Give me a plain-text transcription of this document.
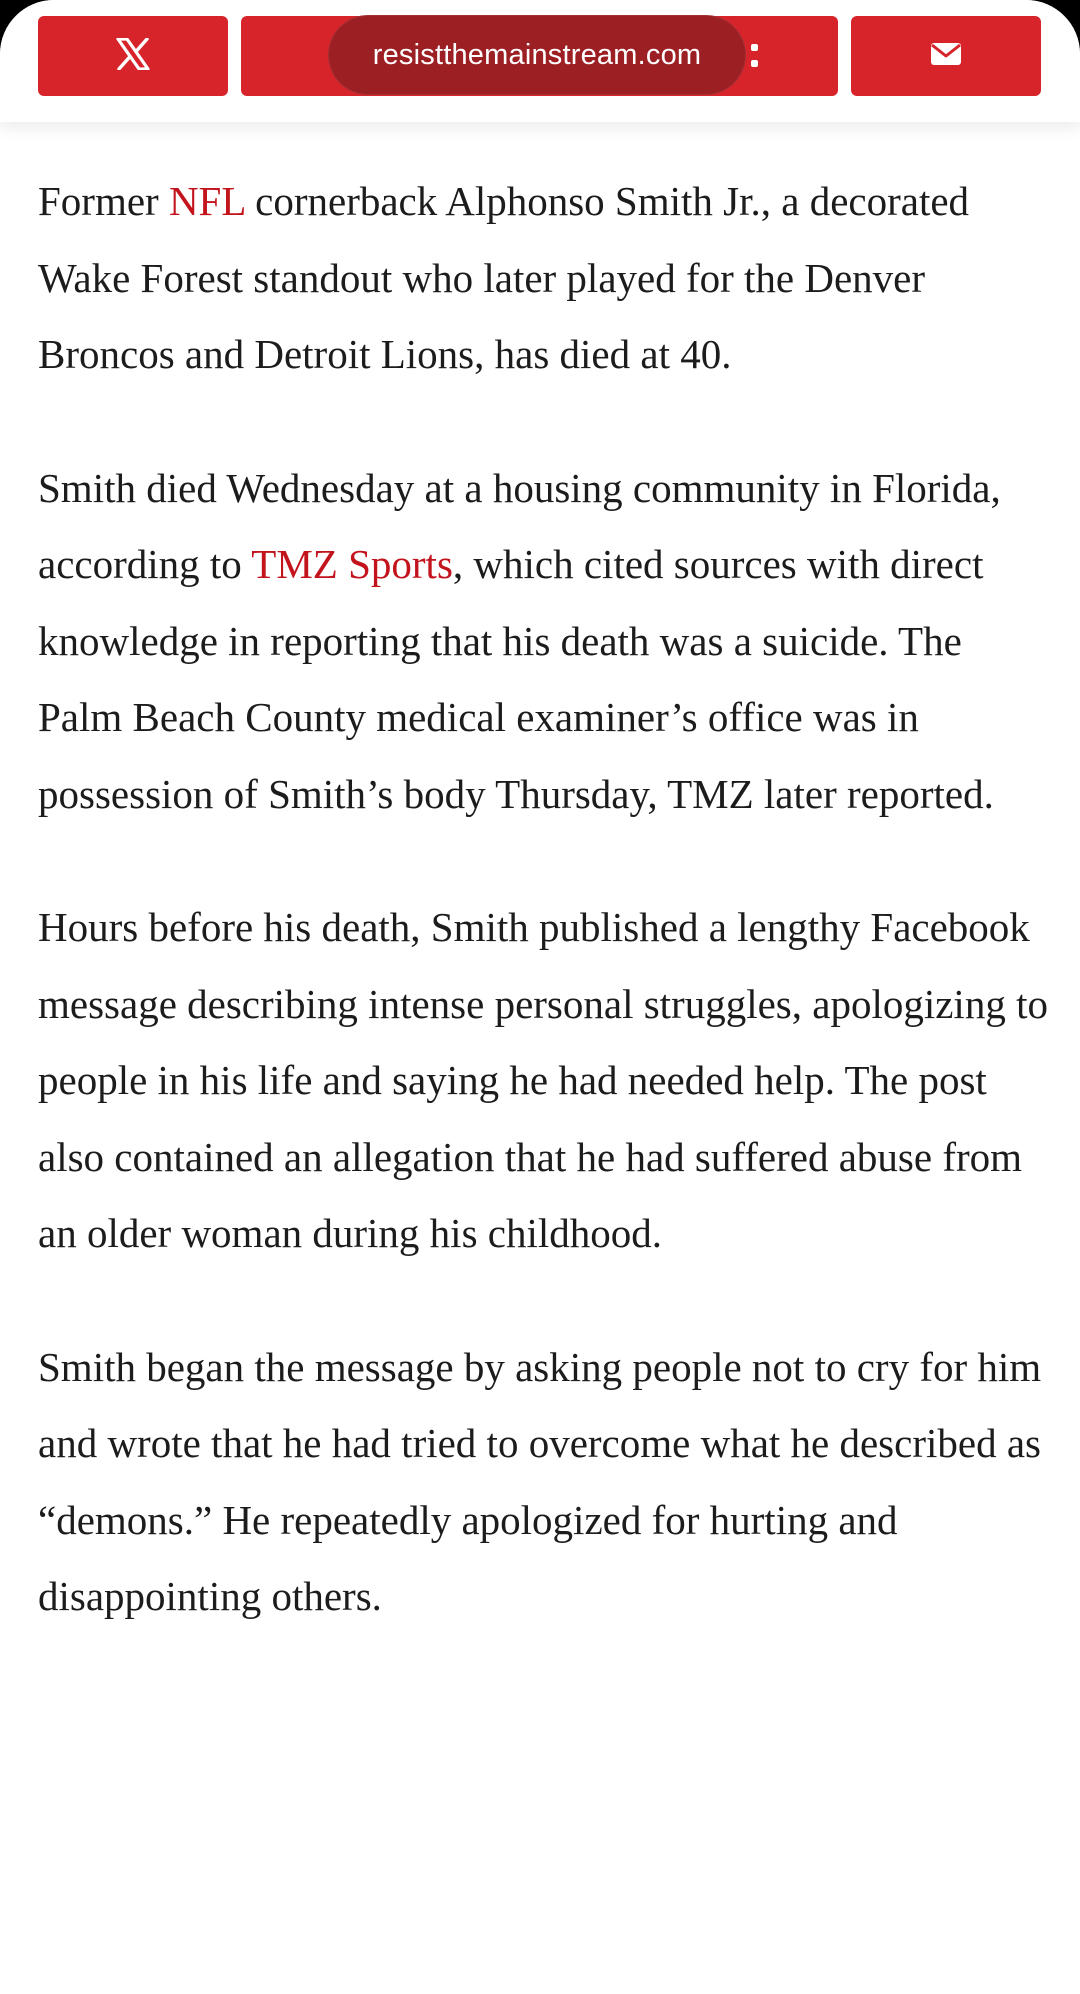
resistthemainstream.com

Former NFL cornerback Alphonso Smith Jr., a decorated Wake Forest standout who later played for the Denver Broncos and Detroit Lions, has died at 40.

Smith died Wednesday at a housing community in Florida, according to TMZ Sports, which cited sources with direct knowledge in reporting that his death was a suicide. The Palm Beach County medical examiner’s office was in possession of Smith’s body Thursday, TMZ later reported.

Hours before his death, Smith published a lengthy Facebook message describing intense personal struggles, apologizing to people in his life and saying he had needed help. The post also contained an allegation that he had suffered abuse from an older woman during his childhood.

Smith began the message by asking people not to cry for him and wrote that he had tried to overcome what he described as “demons.” He repeatedly apologized for hurting and disappointing others.
